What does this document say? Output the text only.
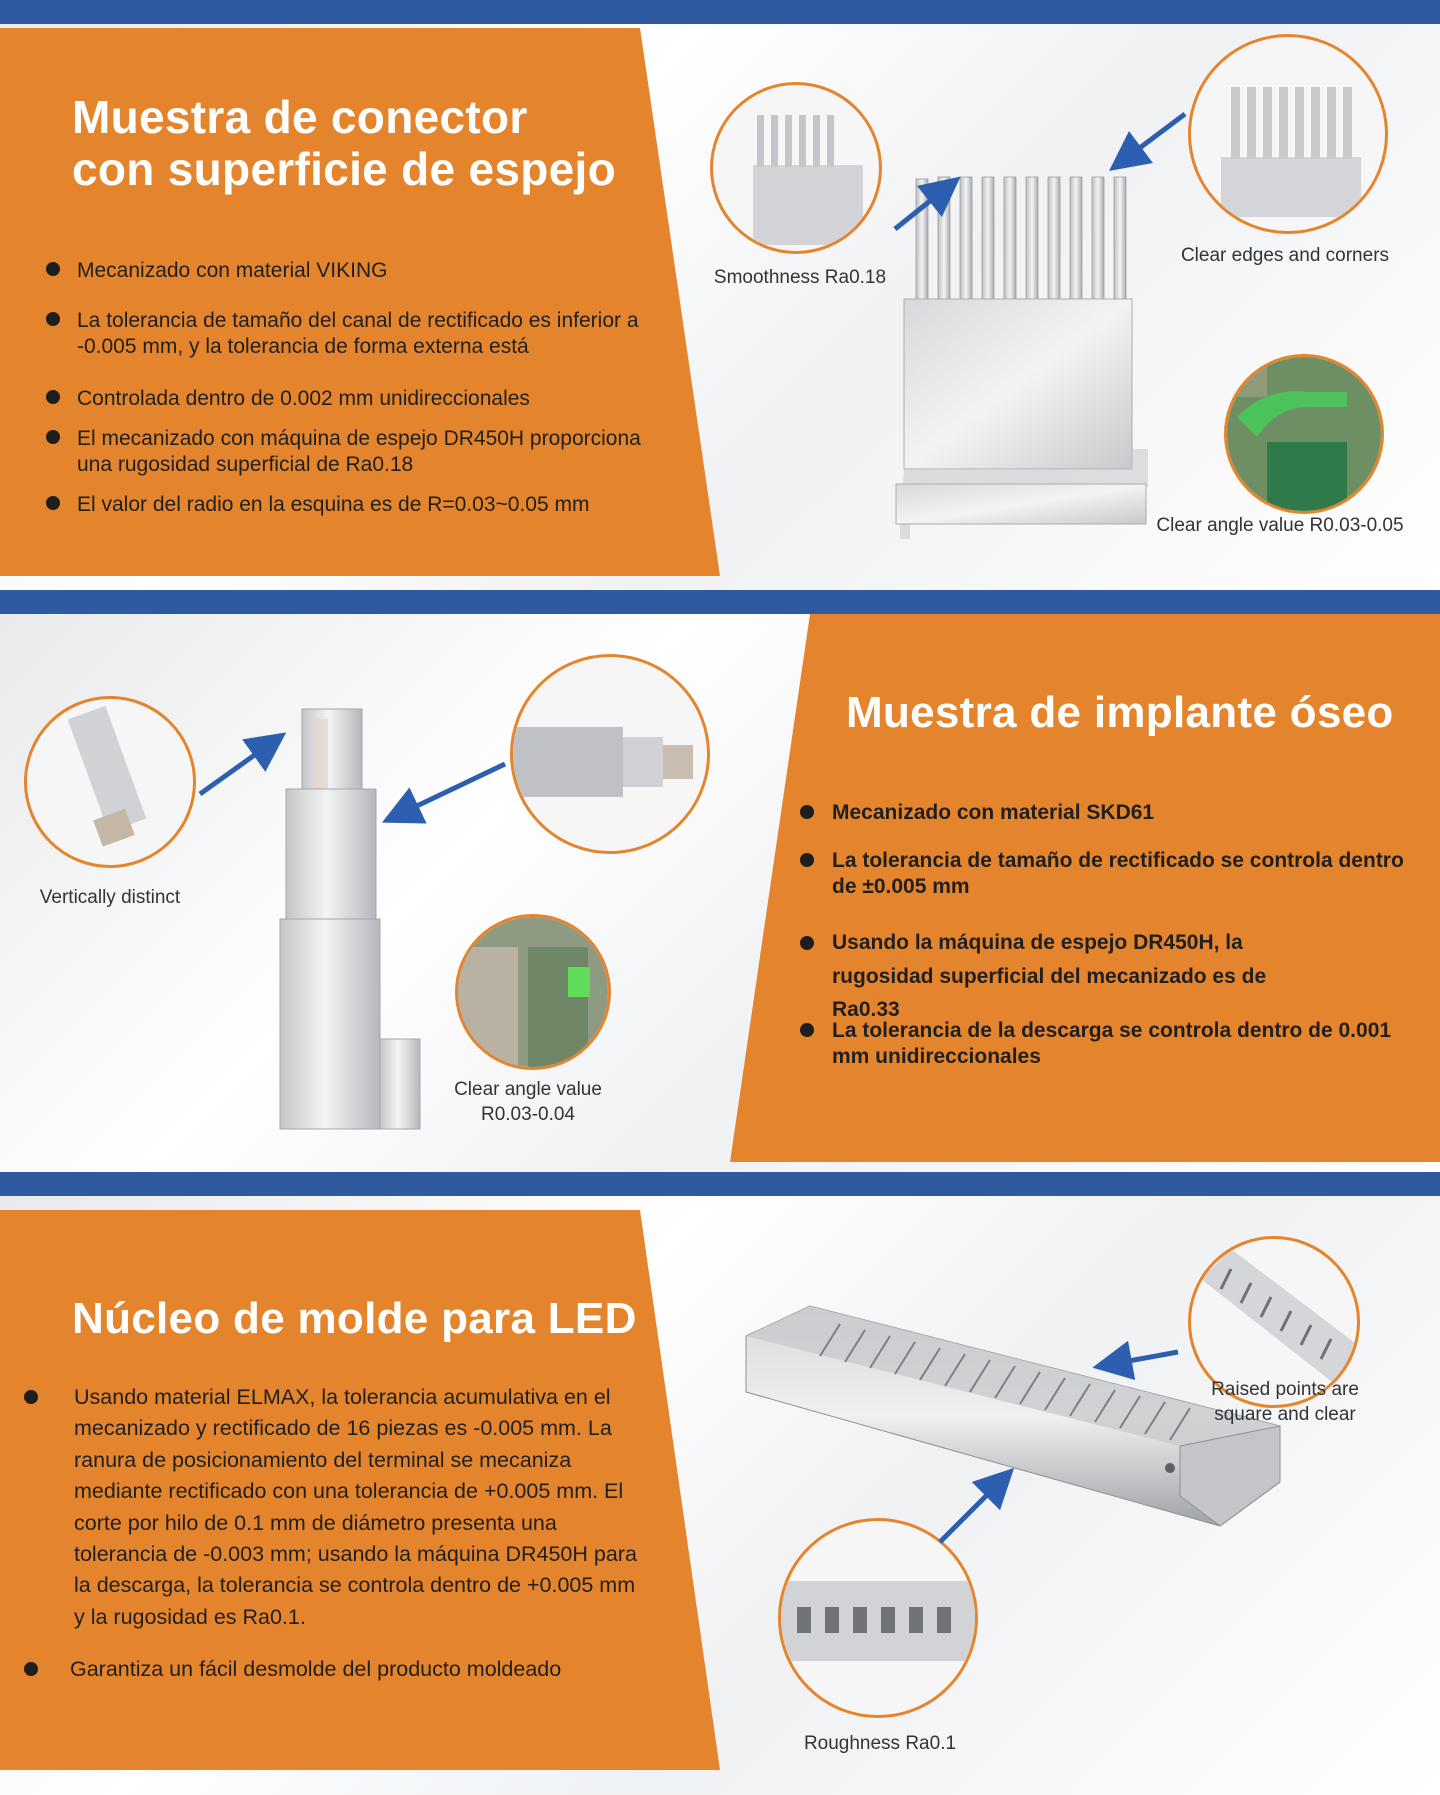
Muestra de conector
con superficie de espejo
Mecanizado con material VIKING
La tolerancia de tamaño del canal de rectificado es inferior a -0.005 mm, y la tolerancia de forma externa está
Controlada dentro de 0.002 mm unidireccionales
El mecanizado con máquina de espejo DR450H proporciona una rugosidad superficial de Ra0.18
El valor del radio en la esquina es de R=0.03~0.05 mm
Smoothness Ra0.18
Clear edges and corners
Clear angle value R0.03-0.05
Muestra de implante óseo
Mecanizado con material SKD61
La tolerancia de tamaño de rectificado se controla dentro de ±0.005 mm
Usando la máquina de espejo DR450H, la rugosidad superficial del mecanizado es de Ra0.33
La tolerancia de la descarga se controla dentro de 0.001 mm unidireccionales
Vertically distinct
Clear angle value
R0.03-0.04
Núcleo de molde para LED
Usando material ELMAX, la tolerancia acumulativa en el mecanizado y rectificado de 16 piezas es -0.005 mm. La ranura de posicionamiento del terminal se mecaniza mediante rectificado con una tolerancia de +0.005 mm. El corte por hilo de 0.1 mm de diámetro presenta una tolerancia de -0.003 mm; usando la máquina DR450H para la descarga, la tolerancia se controla dentro de +0.005 mm y la rugosidad es Ra0.1.
Garantiza un fácil desmolde del producto moldeado
Raised points are
square and clear
Roughness Ra0.1
